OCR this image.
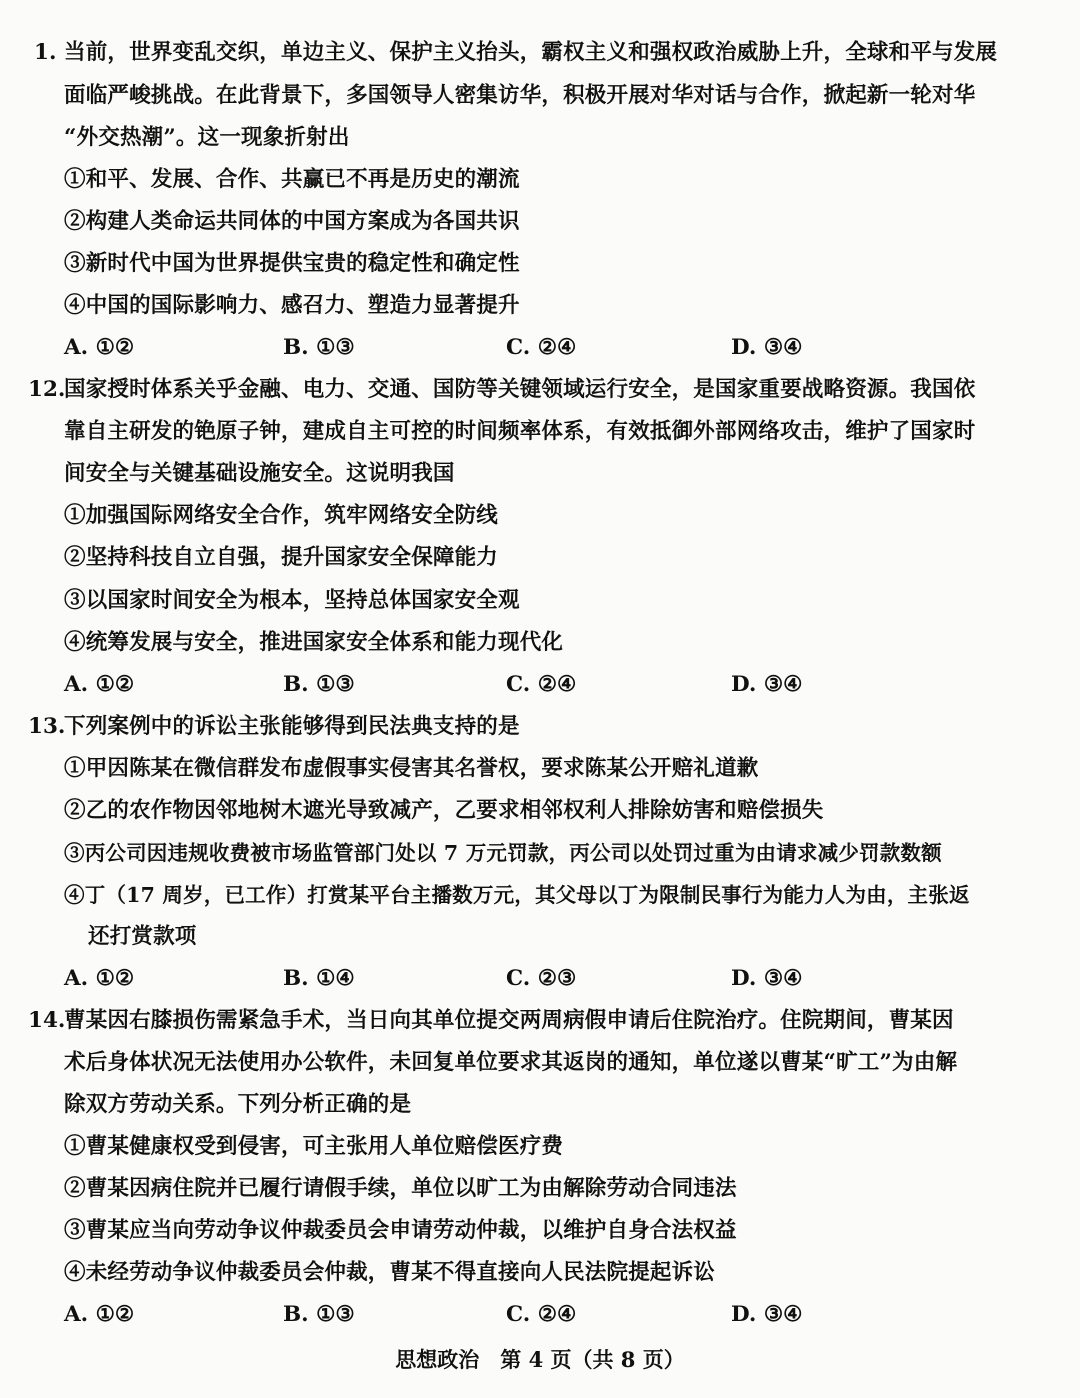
1. 当前，世界变乱交织，单边主义、保护主义抬头，霸权主义和强权政治威胁上升，全球和平与发展
面临严峻挑战。在此背景下，多国领导人密集访华，积极开展对华对话与合作，掀起新一轮对华
“外交热潮”。这一现象折射出
①和平、发展、合作、共赢已不再是历史的潮流
②构建人类命运共同体的中国方案成为各国共识
③新时代中国为世界提供宝贵的稳定性和确定性
④中国的国际影响力、感召力、塑造力显著提升
A. ①②	B. ①③	C. ②④	D. ③④
12.
国家授时体系关乎金融、电力、交通、国防等关键领域运行安全，是国家重要战略资源。我国依
靠自主研发的铯原子钟，建成自主可控的时间频率体系，有效抵御外部网络攻击，维护了国家时
间安全与关键基础设施安全。这说明我国
①加强国际网络安全合作，筑牢网络安全防线
②坚持科技自立自强，提升国家安全保障能力
③以国家时间安全为根本，坚持总体国家安全观
④统筹发展与安全，推进国家安全体系和能力现代化
A. ①②	B. ①③	C. ②④	D. ③④
13.
下列案例中的诉讼主张能够得到民法典支持的是
①甲因陈某在微信群发布虚假事实侵害其名誉权，要求陈某公开赔礼道歉
②乙的农作物因邻地树木遮光导致减产，乙要求相邻权利人排除妨害和赔偿损失
③丙公司因违规收费被市场监管部门处以 7 万元罚款，丙公司以处罚过重为由请求减少罚款数额
④丁（17 周岁，已工作）打赏某平台主播数万元，其父母以丁为限制民事行为能力人为由，主张返
还打赏款项
A. ①②	B. ①④	C. ②③	D. ③④
14.
曹某因右膝损伤需紧急手术，当日向其单位提交两周病假申请后住院治疗。住院期间，曹某因
术后身体状况无法使用办公软件，未回复单位要求其返岗的通知，单位遂以曹某“旷工”为由解
除双方劳动关系。下列分析正确的是
①曹某健康权受到侵害，可主张用人单位赔偿医疗费
②曹某因病住院并已履行请假手续，单位以旷工为由解除劳动合同违法
③曹某应当向劳动争议仲裁委员会申请劳动仲裁，以维护自身合法权益
④未经劳动争议仲裁委员会仲裁，曹某不得直接向人民法院提起诉讼
A. ①②	B. ①③	C. ②④	D. ③④
思想政治　第 4 页（共 8 页）
